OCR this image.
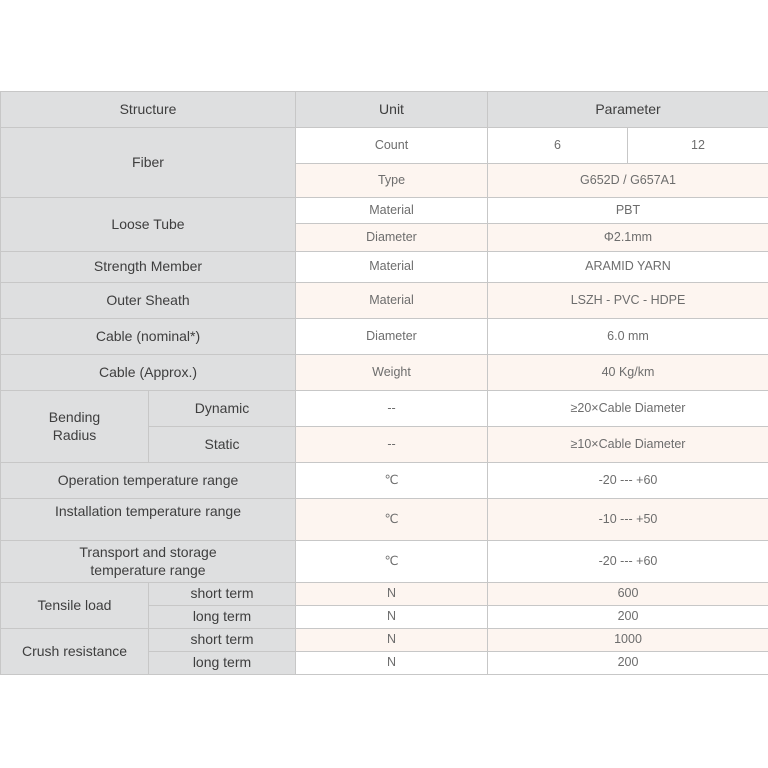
Structure		Unit	Parameter	
Fiber		Count	6	12
		Type	G652D / G657A1	
Loose Tube		Material	PBT	
		Diameter	Φ2.1mm	
Strength Member		Material	ARAMID YARN	
Outer Sheath		Material	LSZH - PVC - HDPE	
Cable (nominal*)		Diameter	6.0 mm	
Cable (Approx.)		Weight	40 Kg/km	
Bending
Radius	Dynamic	--	≥20×Cable Diameter	
	Static	--	≥10×Cable Diameter	
Operation temperature range		℃	-20 --- +60	
Installation temperature range		℃	-10 --- +50	
Transport and storage
temperature range		℃	-20 --- +60	
Tensile load	short term	N	600	
	long term	N	200	
Crush resistance	short term	N	1000	
	long term	N	200	
